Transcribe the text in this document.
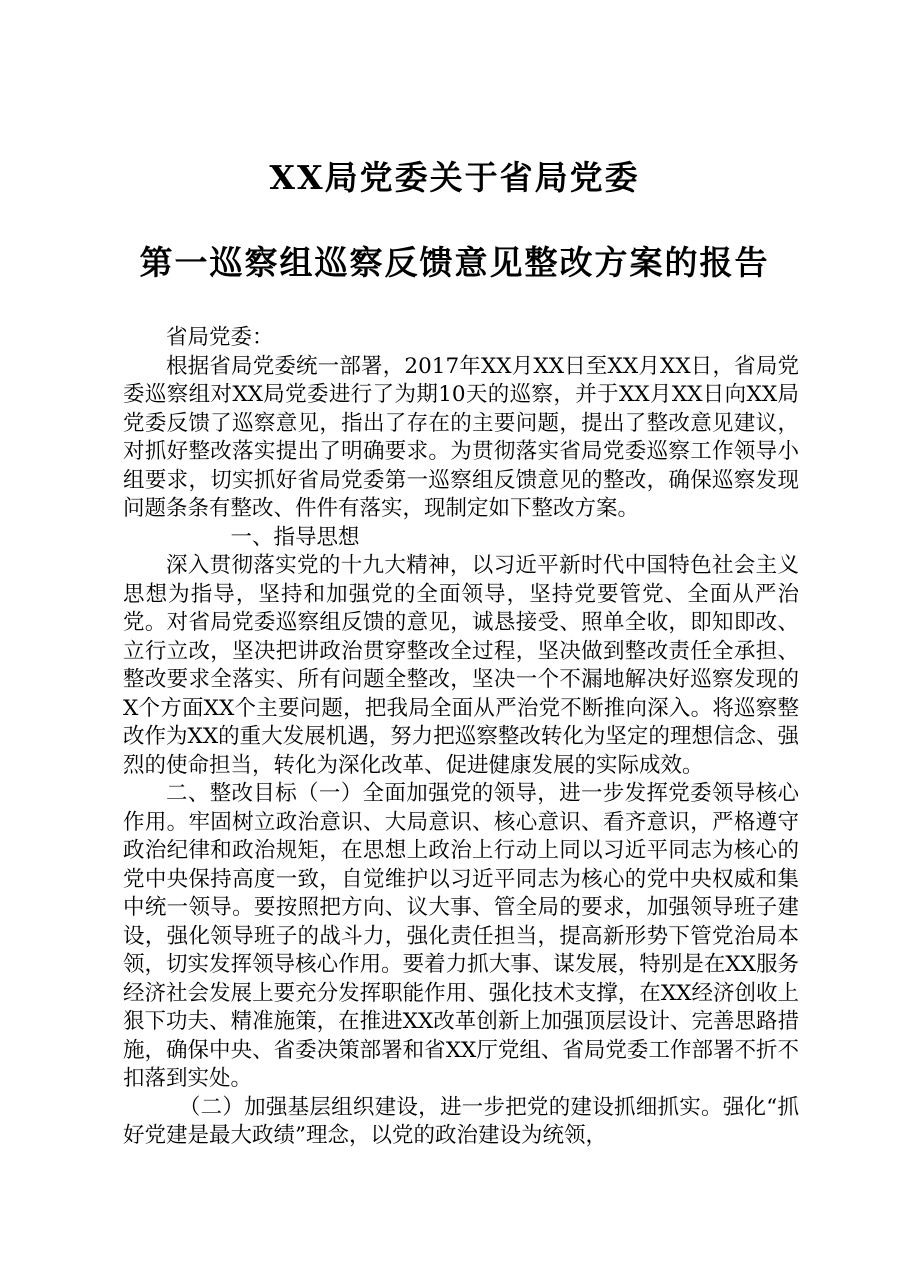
XX局党委关于省局党委
第一巡察组巡察反馈意见整改方案的报告

省局党委：

根据省局党委统一部署，2017年XX月XX日至XX月XX日，省局党委巡察组对XX局党委进行了为期10天的巡察，并于XX月XX日向XX局党委反馈了巡察意见，指出了存在的主要问题，提出了整改意见建议，对抓好整改落实提出了明确要求。为贯彻落实省局党委巡察工作领导小组要求，切实抓好省局党委第一巡察组反馈意见的整改，确保巡察发现问题条条有整改、件件有落实，现制定如下整改方案。

一、指导思想

深入贯彻落实党的十九大精神，以习近平新时代中国特色社会主义思想为指导，坚持和加强党的全面领导，坚持党要管党、全面从严治党。对省局党委巡察组反馈的意见，诚恳接受、照单全收，即知即改、立行立改，坚决把讲政治贯穿整改全过程，坚决做到整改责任全承担、整改要求全落实、所有问题全整改，坚决一个不漏地解决好巡察发现的X个方面XX个主要问题，把我局全面从严治党不断推向深入。将巡察整改作为XX的重大发展机遇，努力把巡察整改转化为坚定的理想信念、强烈的使命担当，转化为深化改革、促进健康发展的实际成效。

二、整改目标（一）全面加强党的领导，进一步发挥党委领导核心作用。牢固树立政治意识、大局意识、核心意识、看齐意识，严格遵守政治纪律和政治规矩，在思想上政治上行动上同以习近平同志为核心的党中央保持高度一致，自觉维护以习近平同志为核心的党中央权威和集中统一领导。要按照把方向、议大事、管全局的要求，加强领导班子建设，强化领导班子的战斗力，强化责任担当，提高新形势下管党治局本领，切实发挥领导核心作用。要着力抓大事、谋发展，特别是在XX服务经济社会发展上要充分发挥职能作用、强化技术支撑，在XX经济创收上狠下功夫、精准施策，在推进XX改革创新上加强顶层设计、完善思路措施，确保中央、省委决策部署和省XX厅党组、省局党委工作部署不折不扣落到实处。

（二）加强基层组织建设，进一步把党的建设抓细抓实。强化“抓好党建是最大政绩”理念，以党的政治建设为统领，
